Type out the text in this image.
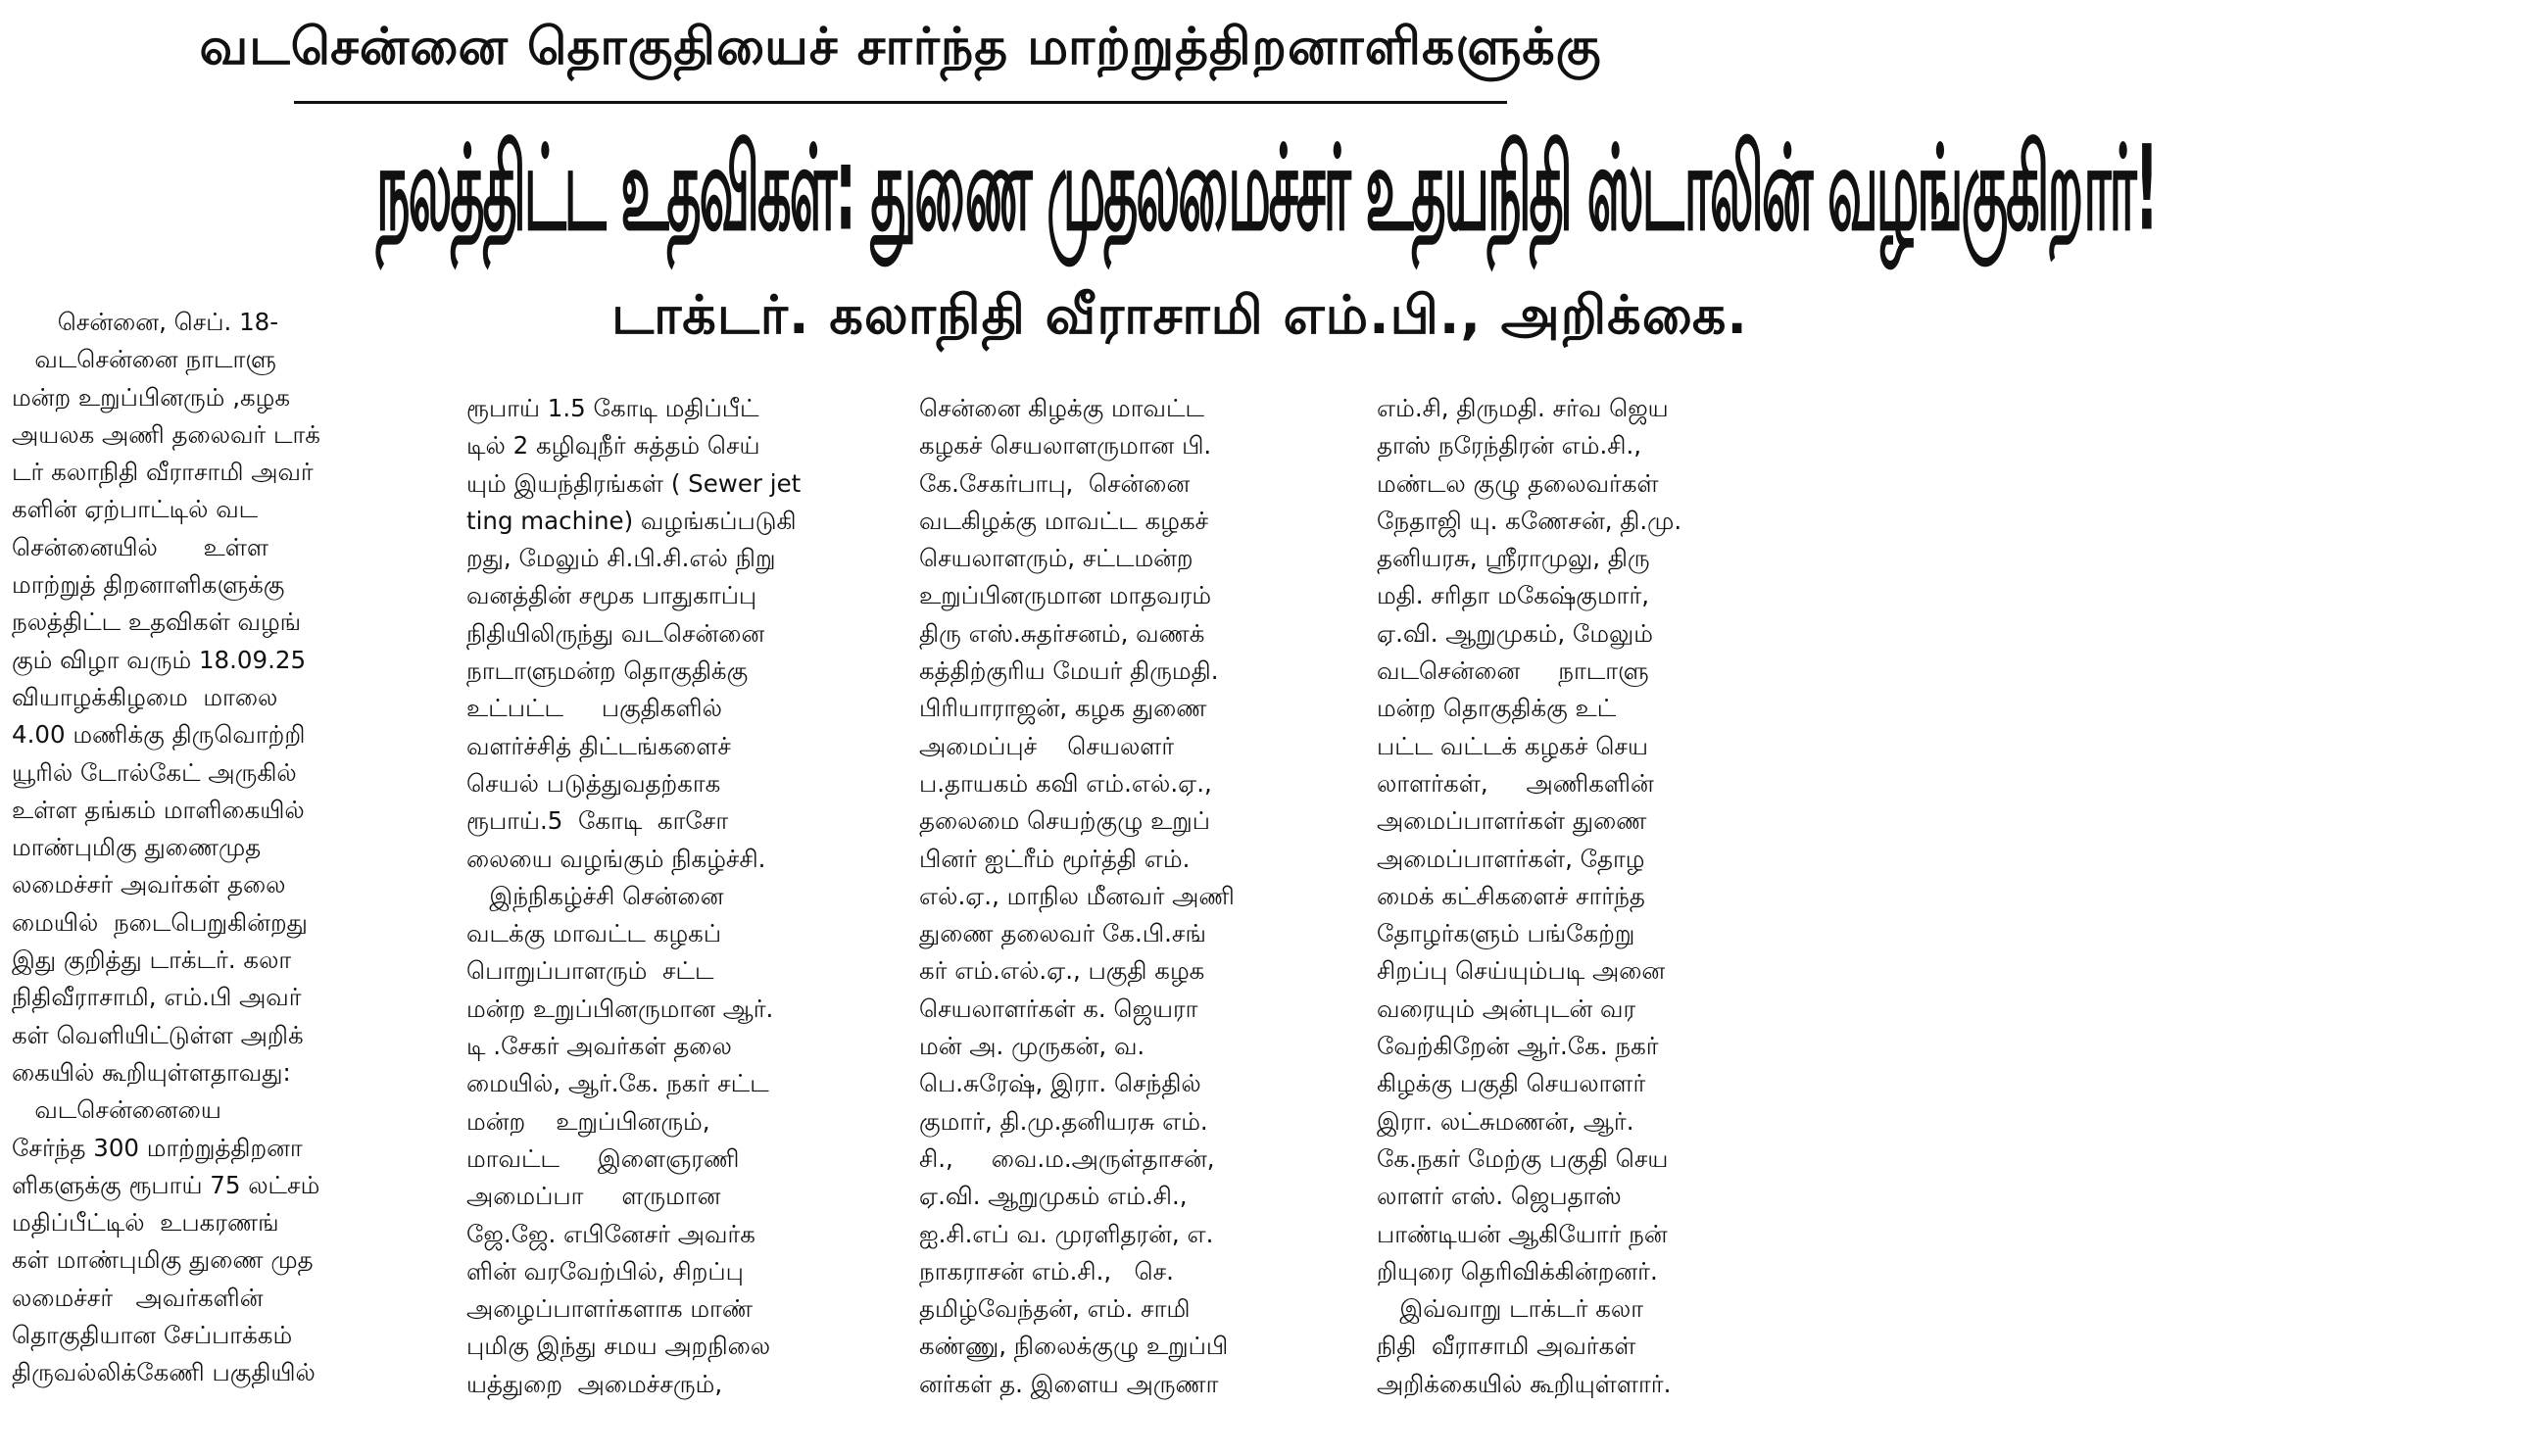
வடசென்னை தொகுதியைச் சார்ந்த மாற்றுத்திறனாளிகளுக்கு
நலத்திட்ட உதவிகள்: துணை முதலமைச்சர் உதயநிதி ஸ்டாலின் வழங்குகிறார்!
டாக்டர். கலாநிதி வீராசாமி எம்.பி., அறிக்கை.
சென்னை, செப். 18-
வடசென்னை நாடாளு
மன்ற உறுப்பினரும் ,கழக
அயலக அணி தலைவர் டாக்
டர் கலாநிதி வீராசாமி அவர்
களின் ஏற்பாட்டில் வட
சென்னையில்      உள்ள
மாற்றுத் திறனாளிகளுக்கு
நலத்திட்ட உதவிகள் வழங்
கும் விழா வரும் 18.09.25
வியாழக்கிழமை  மாலை
4.00 மணிக்கு திருவொற்றி
யூரில் டோல்கேட் அருகில்
உள்ள தங்கம் மாளிகையில்
மாண்புமிகு துணைமுத
லமைச்சர் அவர்கள் தலை
மையில்  நடைபெறுகின்றது
இது குறித்து டாக்டர். கலா
நிதிவீராசாமி, எம்.பி அவர்
கள் வெளியிட்டுள்ள அறிக்
கையில் கூறியுள்ளதாவது:
வடசென்னையை
சேர்ந்த 300 மாற்றுத்திறனா
ளிகளுக்கு ரூபாய் 75 லட்சம்
மதிப்பீட்டில்  உபகரணங்
கள் மாண்புமிகு துணை முத
லமைச்சர்   அவர்களின்
தொகுதியான சேப்பாக்கம்
திருவல்லிக்கேணி பகுதியில்
ரூபாய் 1.5 கோடி மதிப்பீட்
டில் 2 கழிவுநீர் சுத்தம் செய்
யும் இயந்திரங்கள் ( Sewer jet
ting machine) வழங்கப்படுகி
றது, மேலும் சி.பி.சி.எல் நிறு
வனத்தின் சமூக பாதுகாப்பு
நிதியிலிருந்து வடசென்னை
நாடாளுமன்ற தொகுதிக்கு
உட்பட்ட     பகுதிகளில்
வளர்ச்சித் திட்டங்களைச்
செயல் படுத்துவதற்காக
ரூபாய்.5  கோடி  காசோ
லையை வழங்கும் நிகழ்ச்சி.
இந்நிகழ்ச்சி சென்னை
வடக்கு மாவட்ட கழகப்
பொறுப்பாளரும்  சட்ட
மன்ற உறுப்பினருமான ஆர்.
டி .சேகர் அவர்கள் தலை
மையில், ஆர்.கே. நகர் சட்ட
மன்ற    உறுப்பினரும்,
மாவட்ட     இளைஞரணி
அமைப்பா     ளருமான
ஜே.ஜே. எபினேசர் அவர்க
ளின் வரவேற்பில், சிறப்பு
அழைப்பாளர்களாக மாண்
புமிகு இந்து சமய அறநிலை
யத்துறை  அமைச்சரும்,
சென்னை கிழக்கு மாவட்ட
கழகச் செயலாளருமான பி.
கே.சேகர்பாபு,  சென்னை
வடகிழக்கு மாவட்ட கழகச்
செயலாளரும், சட்டமன்ற
உறுப்பினருமான மாதவரம்
திரு எஸ்.சுதர்சனம், வணக்
கத்திற்குரிய மேயர் திருமதி.
பிரியாராஜன், கழக துணை
அமைப்புச்    செயலளர்
ப.தாயகம் கவி எம்.எல்.ஏ.,
தலைமை செயற்குழு உறுப்
பினர் ஐட்ரீம் மூர்த்தி எம்.
எல்.ஏ., மாநில மீனவர் அணி
துணை தலைவர் கே.பி.சங்
கர் எம்.எல்.ஏ., பகுதி கழக
செயலாளர்கள் க. ஜெயரா
மன் அ. முருகன், வ.
பெ.சுரேஷ், இரா. செந்தில்
குமார், தி.மு.தனியரசு எம்.
சி.,     வை.ம.அருள்தாசன்,
ஏ.வி. ஆறுமுகம் எம்.சி.,
ஐ.சி.எப் வ. முரளிதரன், எ.
நாகராசன் எம்.சி.,   செ.
தமிழ்வேந்தன், எம். சாமி
கண்ணு, நிலைக்குழு உறுப்பி
னர்கள் த. இளைய அருணா
எம்.சி, திருமதி. சர்வ ஜெய
தாஸ் நரேந்திரன் எம்.சி.,
மண்டல குழு தலைவர்கள்
நேதாஜி யு. கணேசன், தி.மு.
தனியரசு, ஸ்ரீராமுலு, திரு
மதி. சரிதா மகேஷ்குமார்,
ஏ.வி. ஆறுமுகம், மேலும்
வடசென்னை     நாடாளு
மன்ற தொகுதிக்கு உட்
பட்ட வட்டக் கழகச் செய
லாளர்கள்,     அணிகளின்
அமைப்பாளர்கள் துணை
அமைப்பாளர்கள், தோழ
மைக் கட்சிகளைச் சார்ந்த
தோழர்களும் பங்கேற்று
சிறப்பு செய்யும்படி அனை
வரையும் அன்புடன் வர
வேற்கிறேன் ஆர்.கே. நகர்
கிழக்கு பகுதி செயலாளர்
இரா. லட்சுமணன், ஆர்.
கே.நகர் மேற்கு பகுதி செய
லாளர் எஸ். ஜெபதாஸ்
பாண்டியன் ஆகியோர் நன்
றியுரை தெரிவிக்கின்றனர்.
இவ்வாறு டாக்டர் கலா
நிதி  வீராசாமி அவர்கள்
அறிக்கையில் கூறியுள்ளார்.
